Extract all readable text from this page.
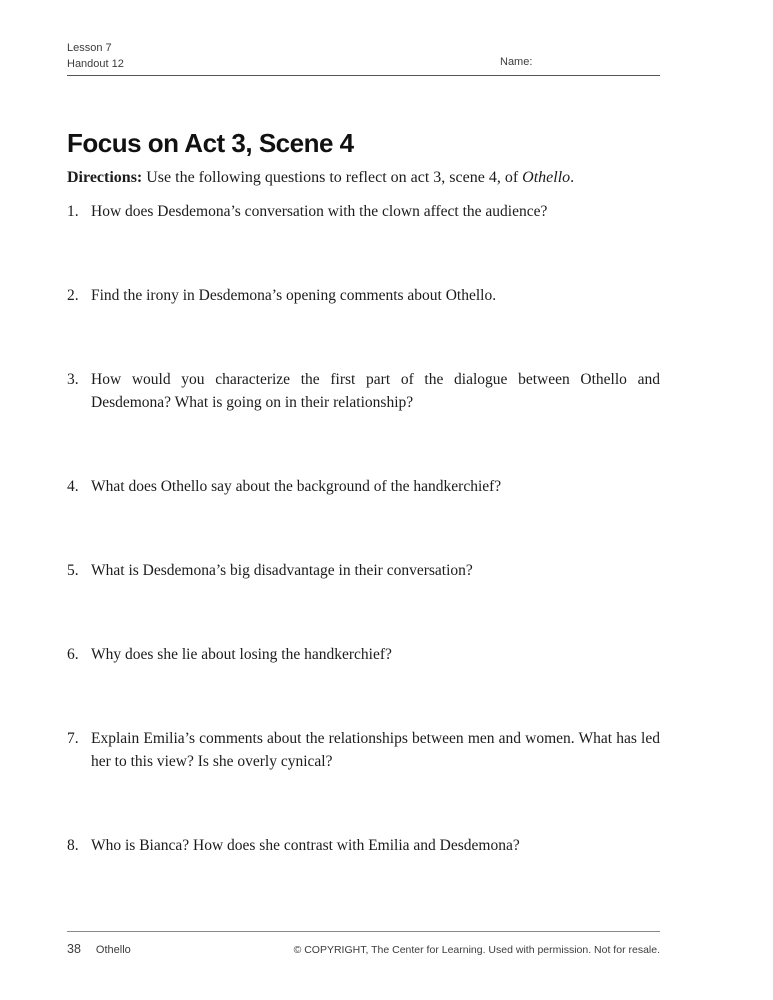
Lesson 7
Handout 12	Name:
Focus on Act 3, Scene 4

Directions: Use the following questions to reflect on act 3, scene 4, of Othello.

1. How does Desdemona’s conversation with the clown affect the audience?
2. Find the irony in Desdemona’s opening comments about Othello.
3. How would you characterize the first part of the dialogue between Othello and Desdemona? What is going on in their relationship?
4. What does Othello say about the background of the handkerchief?
5. What is Desdemona’s big disadvantage in their conversation?
6. Why does she lie about losing the handkerchief?
7. Explain Emilia’s comments about the relationships between men and women. What has led her to this view? Is she overly cynical?
8. Who is Bianca? How does she contrast with Emilia and Desdemona?
38 Othello	© COPYRIGHT, The Center for Learning. Used with permission. Not for resale.
